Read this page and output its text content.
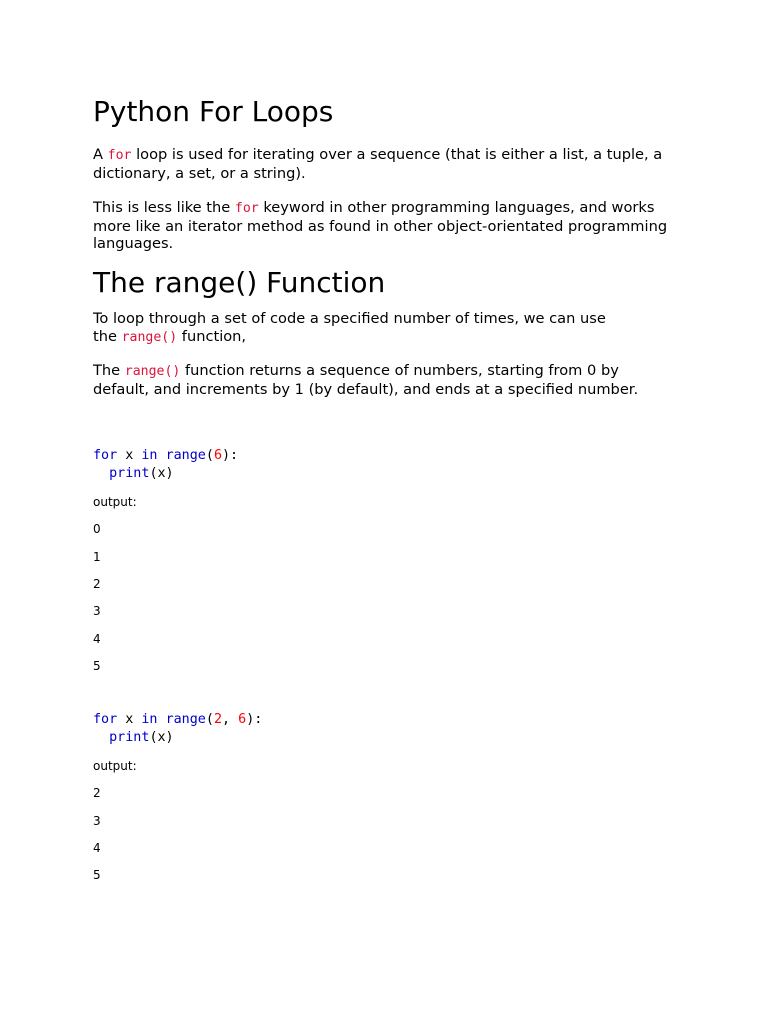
Python For Loops

A for loop is used for iterating over a sequence (that is either a list, a tuple, a dictionary, a set, or a string).

This is less like the for keyword in other programming languages, and works more like an iterator method as found in other object-orientated programming languages.

The range() Function

To loop through a set of code a specified number of times, we can use the range() function,

The range() function returns a sequence of numbers, starting from 0 by default, and increments by 1 (by default), and ends at a specified number.

for x in range(6):
print(x)

output:

0

1

2

3

4

5

for x in range(2, 6):
print(x)

output:

2

3

4

5
